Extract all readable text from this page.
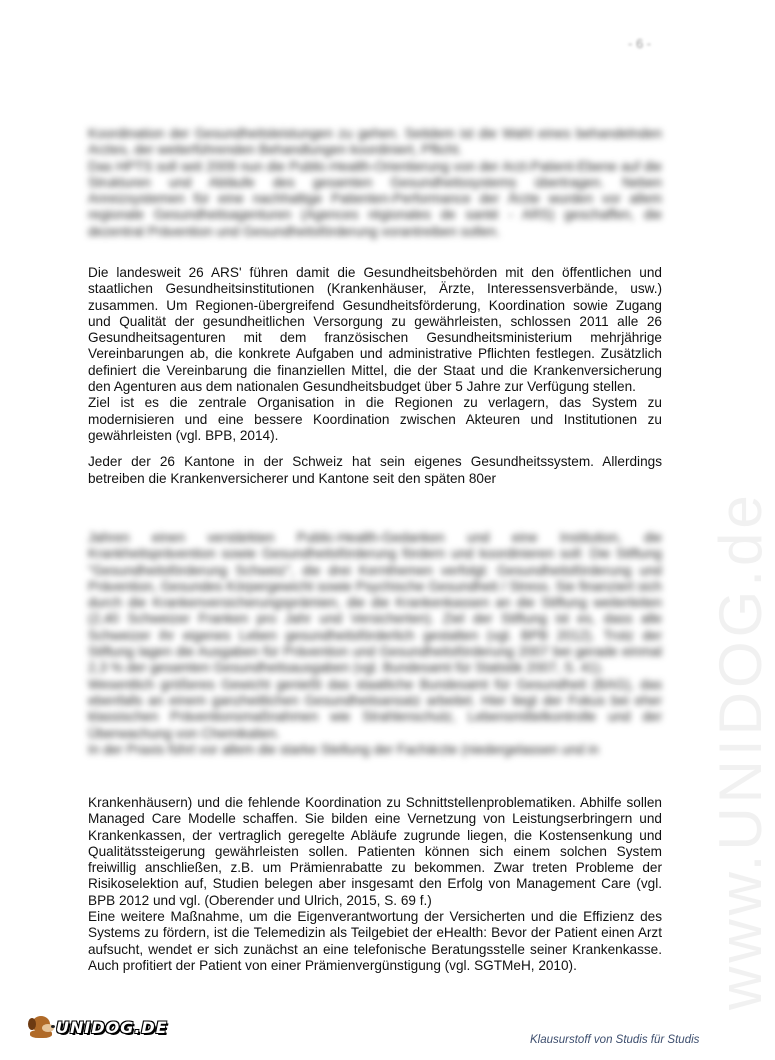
- 6 -
www.UNIDOG.de

Koordination der Gesundheitsleistungen zu gehen. Seitdem ist die Wahl eines behandelnden Arztes, der weiterführenden Behandlungen koordiniert, Pflicht.

Das HPTS soll seit 2009 nun die Public-Health-Orientierung von der Arzt-Patient-Ebene auf die Strukturen und Abläufe des gesamten Gesundheitssystems übertragen. Neben Anreizsystemen für eine nachhaltige Patienten-Performance der Ärzte wurden vor allem regionale Gesundheitsagenturen (Agences régionales de santé - ARS) geschaffen, die dezentral Prävention und Gesundheitsförderung vorantreiben sollen.

Die landesweit 26 ARS' führen damit die Gesundheitsbehörden mit den öffentlichen und staatlichen Gesundheitsinstitutionen (Krankenhäuser, Ärzte, Interessensverbände, usw.) zusammen. Um Regionen-übergreifend Gesundheitsförderung, Koordination sowie Zugang und Qualität der gesundheitlichen Versorgung zu gewährleisten, schlossen 2011 alle 26 Gesundheitsagenturen mit dem französischen Gesundheitsministerium mehrjährige Vereinbarungen ab, die konkrete Aufgaben und administrative Pflichten festlegen. Zusätzlich definiert die Vereinbarung die finanziellen Mittel, die der Staat und die Krankenversicherung den Agenturen aus dem nationalen Gesundheitsbudget über 5 Jahre zur Verfügung stellen.

Ziel ist es die zentrale Organisation in die Regionen zu verlagern, das System zu modernisieren und eine bessere Koordination zwischen Akteuren und Institutionen zu gewährleisten (vgl. BPB, 2014).

Jeder der 26 Kantone in der Schweiz hat sein eigenes Gesundheitssystem. Allerdings betreiben die Krankenversicherer und Kantone seit den späten 80er

Jahren einen verstärkten Public-Health-Gedanken und eine Institution, die Krankheitsprävention sowie Gesundheitsförderung fördern und koordinieren soll: Die Stiftung "Gesundheitsförderung Schweiz", die drei Kernthemen verfolgt: Gesundheitsförderung und Prävention, Gesundes Körpergewicht sowie Psychische Gesundheit / Stress. Sie finanziert sich durch die Krankenversicherungsprämien, die die Krankenkassen an die Stiftung weiterleiten (2,40 Schweizer Franken pro Jahr und Versicherten). Ziel der Stiftung ist es, dass alle Schweizer ihr eigenes Leben gesundheitsförderlich gestalten (vgl. BPB 2012). Trotz der Stiftung lagen die Ausgaben für Prävention und Gesundheitsförderung 2007 bei gerade einmal 2,3 % der gesamten Gesundheitsausgaben (vgl. Bundesamt für Statistik 2007, S. 41).

Wesentlich größeres Gewicht genießt das staatliche Bundesamt für Gesundheit (BAG), das ebenfalls an einem ganzheitlichen Gesundheitsansatz arbeitet. Hier liegt der Fokus bei eher klassischen Präventionsmaßnahmen wie Strahlenschutz, Lebensmittelkontrolle und der Überwachung von Chemikalien.

In der Praxis führt vor allem die starke Stellung der Fachärzte (niedergelassen und in

Krankenhäusern) und die fehlende Koordination zu Schnittstellenproblematiken. Abhilfe sollen Managed Care Modelle schaffen. Sie bilden eine Vernetzung von Leistungserbringern und Krankenkassen, der vertraglich geregelte Abläufe zugrunde liegen, die Kostensenkung und Qualitätssteigerung gewährleisten sollen. Patienten können sich einem solchen System freiwillig anschließen, z.B. um Prämienrabatte zu bekommen. Zwar treten Probleme der Risikoselektion auf, Studien belegen aber insgesamt den Erfolg von Management Care (vgl. BPB 2012 und vgl. (Oberender und Ulrich, 2015, S. 69 f.)

Eine weitere Maßnahme, um die Eigenverantwortung der Versicherten und die Effizienz des Systems zu fördern, ist die Telemedizin als Teilgebiet der eHealth: Bevor der Patient einen Arzt aufsucht, wendet er sich zunächst an eine telefonische Beratungsstelle seiner Krankenkasse. Auch profitiert der Patient von einer Prämienvergünstigung (vgl. SGTMeH, 2010).

UNIDOG.DE
Klausurstoff von Studis für Studis
